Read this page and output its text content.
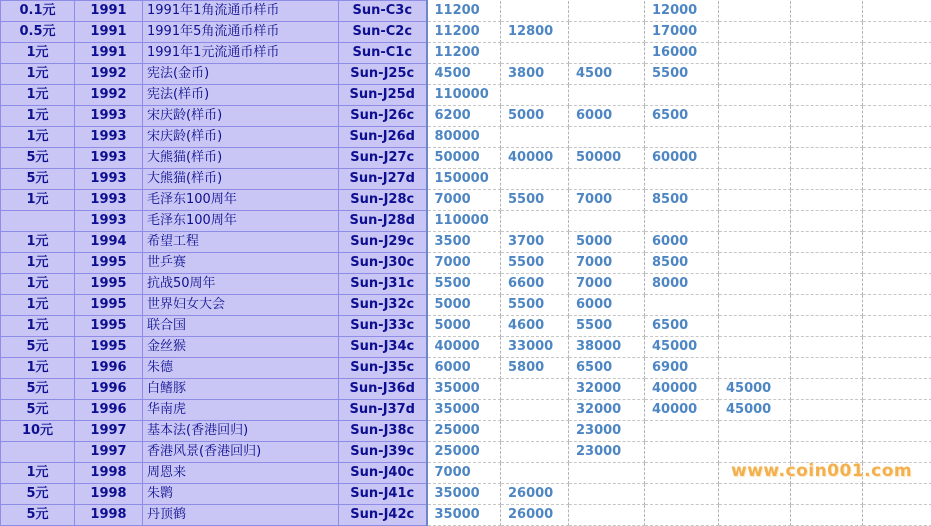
0.1元	1991	1991年1角流通币样币	Sun-C3c	11200			12000			
0.5元	1991	1991年5角流通币样币	Sun-C2c	11200	12800		17000			
1元	1991	1991年1元流通币样币	Sun-C1c	11200			16000			
1元	1992	宪法(金币)	Sun-J25c	4500	3800	4500	5500			
1元	1992	宪法(样币)	Sun-J25d	110000						
1元	1993	宋庆龄(样币)	Sun-J26c	6200	5000	6000	6500			
1元	1993	宋庆龄(样币)	Sun-J26d	80000						
5元	1993	大熊猫(样币)	Sun-J27c	50000	40000	50000	60000			
5元	1993	大熊猫(样币)	Sun-J27d	150000						
1元	1993	毛泽东100周年	Sun-J28c	7000	5500	7000	8500			
	1993	毛泽东100周年	Sun-J28d	110000						
1元	1994	希望工程	Sun-J29c	3500	3700	5000	6000			
1元	1995	世乒赛	Sun-J30c	7000	5500	7000	8500			
1元	1995	抗战50周年	Sun-J31c	5500	6600	7000	8000			
1元	1995	世界妇女大会	Sun-J32c	5000	5500	6000				
1元	1995	联合国	Sun-J33c	5000	4600	5500	6500			
5元	1995	金丝猴	Sun-J34c	40000	33000	38000	45000			
1元	1996	朱德	Sun-J35c	6000	5800	6500	6900			
5元	1996	白鳍豚	Sun-J36d	35000		32000	40000	45000		
5元	1996	华南虎	Sun-J37d	35000		32000	40000	45000		
10元	1997	基本法(香港回归)	Sun-J38c	25000		23000				
	1997	香港风景(香港回归)	Sun-J39c	25000		23000				
1元	1998	周恩来	Sun-J40c	7000						
5元	1998	朱鹮	Sun-J41c	35000	26000					
5元	1998	丹顶鹤	Sun-J42c	35000	26000					
www.coin001.com
